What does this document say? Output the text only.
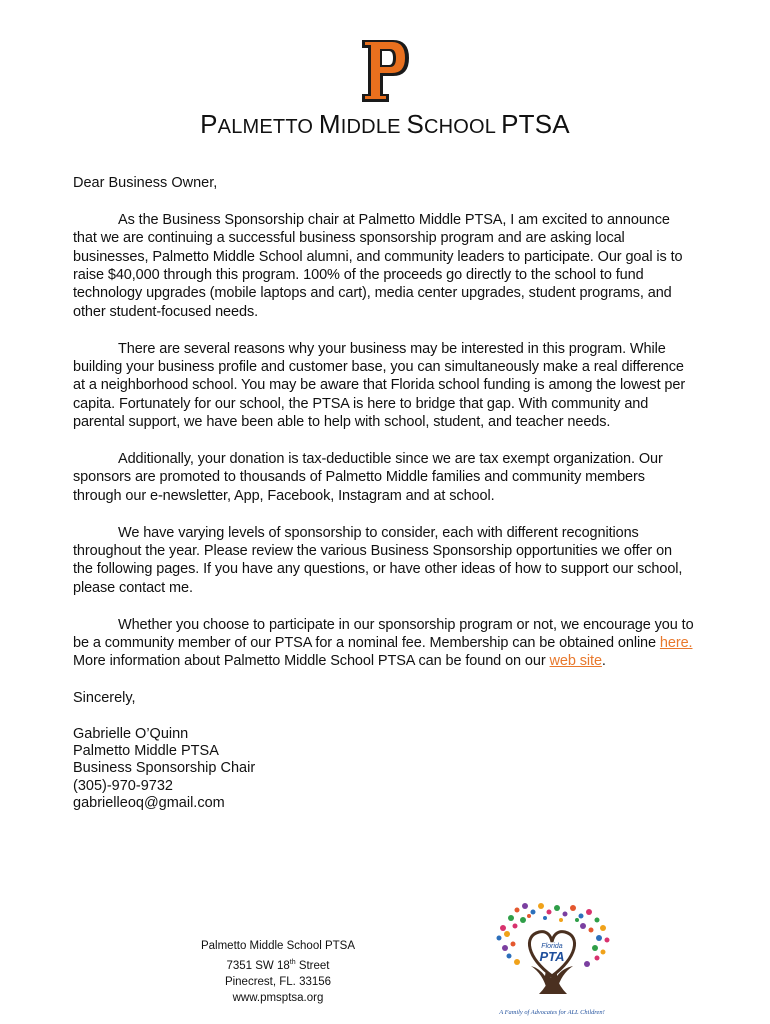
P
PALMETTO MIDDLE SCHOOL PTSA

Dear Business Owner,

As the Business Sponsorship chair at Palmetto Middle PTSA, I am excited to announce that we are continuing a successful business sponsorship program and are asking local businesses, Palmetto Middle School alumni, and community leaders to participate. Our goal is to raise $40,000 through this program. 100% of the proceeds go directly to the school to fund technology upgrades (mobile laptops and cart), media center upgrades, student programs, and other student-focused needs.

There are several reasons why your business may be interested in this program. While building your business profile and customer base, you can simultaneously make a real difference at a neighborhood school. You may be aware that Florida school funding is among the lowest per capita. Fortunately for our school, the PTSA is here to bridge that gap. With community and parental support, we have been able to help with school, student, and teacher needs.

Additionally, your donation is tax-deductible since we are tax exempt organization. Our sponsors are promoted to thousands of Palmetto Middle families and community members through our e-newsletter, App, Facebook, Instagram and at school.

We have varying levels of sponsorship to consider, each with different recognitions throughout the year. Please review the various Business Sponsorship opportunities we offer on the following pages. If you have any questions, or have other ideas of how to support our school, please contact me.

Whether you choose to participate in our sponsorship program or not, we encourage you to be a community member of our PTSA for a nominal fee. Membership can be obtained online here. More information about Palmetto Middle School PTSA can be found on our web site.

Sincerely,

Gabrielle O’Quinn
Palmetto Middle PTSA
Business Sponsorship Chair
(305)-970-9732
gabrielleoq@gmail.com
Palmetto Middle School PTSA
7351 SW 18th Street
Pinecrest, FL. 33156
www.pmsptsa.org
Florida
PTA
A Family of Advocates for ALL Children!
